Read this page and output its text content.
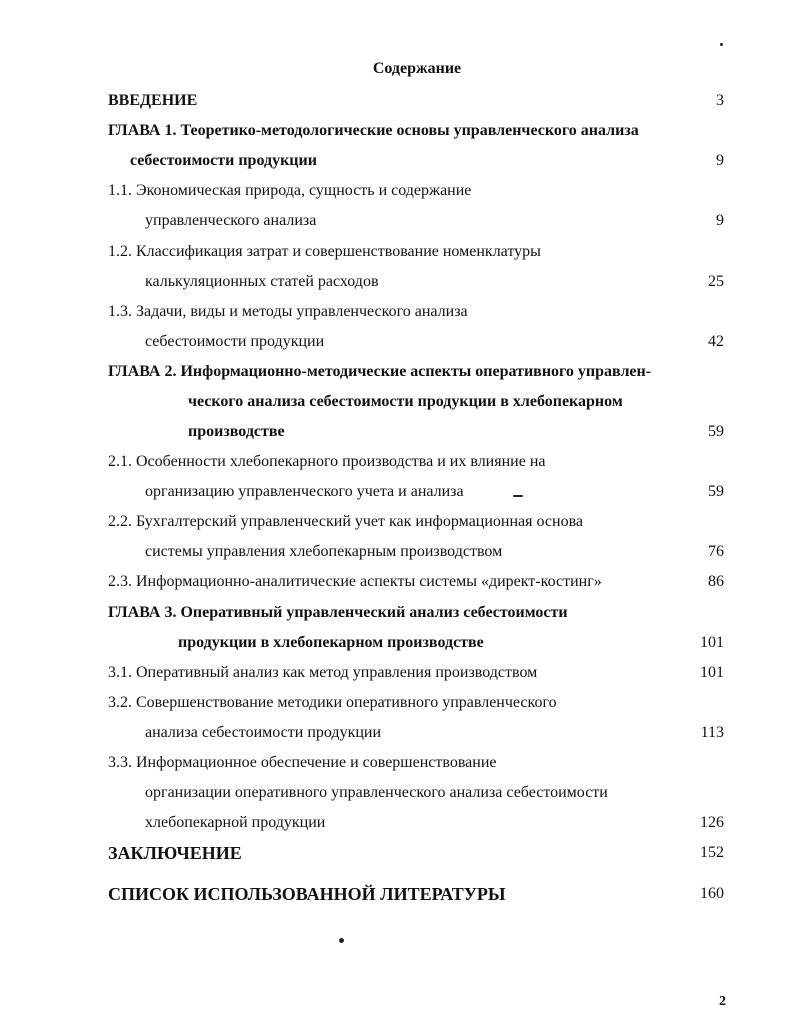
Содержание
ВВЕДЕНИЕ	3
ГЛАВА 1. Теоретико-методологические основы управленческого анализа
себестоимости продукции	9
1.1. Экономическая природа, сущность и содержание
управленческого анализа	9
1.2. Классификация затрат и совершенствование номенклатуры
калькуляционных статей расходов	25
1.3. Задачи, виды и методы управленческого анализа
себестоимости продукции	42
ГЛАВА 2. Информационно-методические аспекты оперативного управлен-
ческого анализа себестоимости продукции в хлебопекарном
производстве	59
2.1. Особенности хлебопекарного производства и их влияние на
организацию управленческого учета и анализа	59
2.2. Бухгалтерский управленческий учет как информационная основа
системы управления хлебопекарным производством	76
2.3. Информационно-аналитические аспекты системы «директ-костинг»	86
ГЛАВА 3. Оперативный управленческий анализ себестоимости
продукции в хлебопекарном производстве	101
3.1. Оперативный анализ как метод управления производством	101
3.2. Совершенствование методики оперативного управленческого
анализа себестоимости продукции	113
3.3. Информационное обеспечение и совершенствование
организации оперативного управленческого анализа себестоимости
хлебопекарной продукции	126
ЗАКЛЮЧЕНИЕ	152
СПИСОК ИСПОЛЬЗОВАННОЙ ЛИТЕРАТУРЫ	160
2
